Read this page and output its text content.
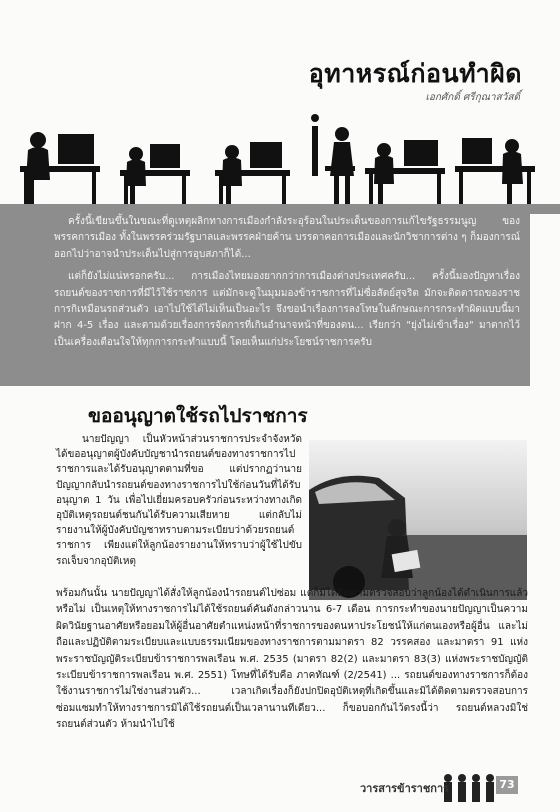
อุทาหรณ์ก่อนทำผิด
เอกศักดิ์ ศรีกุณาสวัสดิ์

ครั้งนี้เขียนขึ้นในขณะที่ดูเหตุผลิกทางการเมืองกำลังระอุร้อนในประเด็นของการแก้ไขรัฐธรรมนูญ ของพรรคการเมือง ทั้งในพรรคร่วมรัฐบาลและพรรคฝ่ายค้าน บรรดาคอการเมืองและนักวิชาการต่าง ๆ ก็มองการณ์ออกไปว่าอาจนำประเด็นไปสู่การอุบสภาก็ได้...

แต่ก็ยังไม่แน่หรอกครับ... การเมืองไทยมองยากกว่าการเมืองต่างประเทศครับ... ครั้งนี้มองปัญหาเรื่องรถยนต์ของราชการที่มีไว้ใช้ราชการ แต่มักจะดูในมุมมองข้าราชการที่ไม่ซื่อสัตย์สุจริต มักจะติดตารถของราชการกิเหมือนรถส่วนตัว เอาไปใช้ได้ไม่เห็นเป็นอะไร จึงขอนำเรื่องการลงโทษในลักษณะการกระทำผิดแบบนี้มาฝาก 4-5 เรื่อง และตามด้วยเรื่องการจัดการที่เกินอำนาจหน้าที่ของตน... เรียกว่า "ยุ่งไม่เข้าเรื่อง" มาตากไว้เป็นเครื่องเตือนใจให้ทุกการกระทำแบบนี้ โดยเห็นแก่ประโยชน์ราชการครับ

ขออนุญาตใช้รถไปราชการ

นายปัญญา เป็นหัวหน้าส่วนราชการประจำจังหวัด ได้ขออนุญาตผู้บังคับบัญชานำรถยนต์ของทางราชการไปราชการและได้รับอนุญาตตามที่ขอ แต่ปรากฏว่านายปัญญากลับนำรถยนต์ของทางราชการไปใช้ก่อนวันที่ได้รับอนุญาต 1 วัน เพื่อไปเยี่ยมครอบครัวก่อนระหว่างทางเกิดอุบัติเหตุรถยนต์ชนกันได้รับความเสียหาย แต่กลับไม่รายงานให้ผู้บังคับบัญชาทราบตามระเบียบว่าด้วยรถยนต์ราชการ เพียงแต่ให้ลูกน้องรายงานให้ทราบว่าผู้ใช้ไปขับรถเจ็บจากอุบัติเหตุ

พร้อมกันนั้น นายปัญญาได้สั่งให้ลูกน้องนำรถยนต์ไปซ่อม แต่ก็มิได้ติดตามตรวจสอบว่าลูกน้องได้ดำเนินการแล้วหรือไม่ เป็นเหตุให้ทางราชการไม่ได้ใช้รถยนต์คันดังกล่าวนาน 6-7 เดือน การกระทำของนายปัญญาเป็นความผิดวินัยฐานอาศัยหรือยอมให้ผู้อื่นอาศัยตำแหน่งหน้าที่ราชการของตนหาประโยชน์ให้แก่ตนเองหรือผู้อื่น และไม่ถือและปฏิบัติตามระเบียบและแบบธรรมเนียมของทางราชการตามมาตรา 82 วรรคสอง และมาตรา 91 แห่งพระราชบัญญัติระเบียบข้าราชการพลเรือน พ.ศ. 2535 (มาตรา 82(2) และมาตรา 83(3) แห่งพระราชบัญญัติระเบียบข้าราชการพลเรือน พ.ศ. 2551) โทษที่ได้รับคือ ภาคทัณฑ์ (2/2541) ... รถยนต์ของทางราชการก็ต้องใช้งานราชการไม่ใช่งานส่วนตัว... เวลาเกิดเรื่องก็ยังปกปิดอุบัติเหตุที่เกิดขึ้นและมิได้ติดตามตรวจสอบการซ่อมแซมทำให้ทางราชการมิได้ใช้รถยนต์เป็นเวลานานทีเดียว... ก็ขอบอกกันไว้ตรงนี้ว่า รถยนต์หลวงมิใช่รถยนต์ส่วนตัว ห้ามนำไปใช้

วารสารข้าราชการ	73
